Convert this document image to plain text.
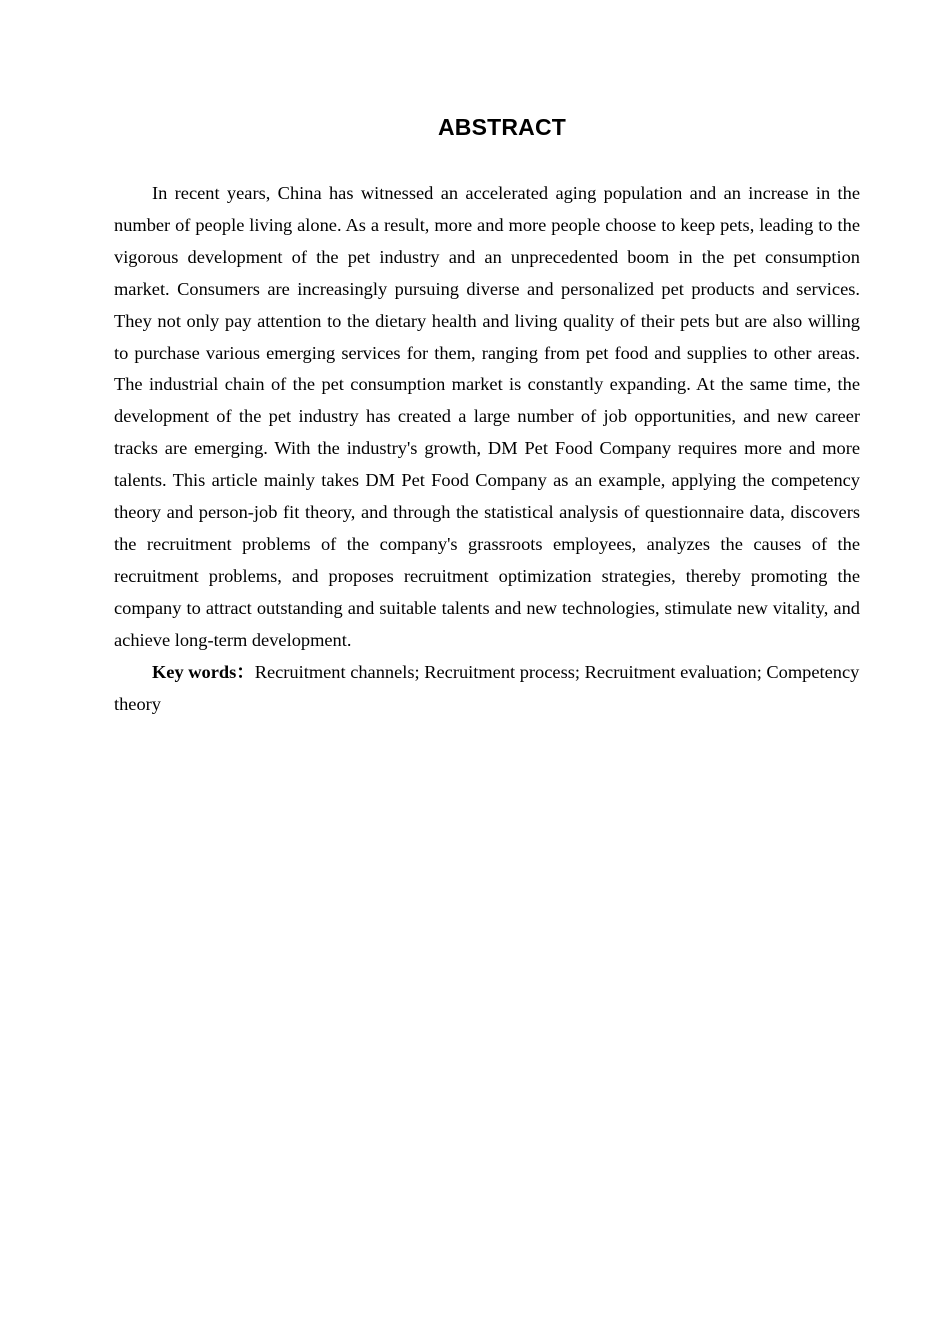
ABSTRACT

In recent years, China has witnessed an accelerated aging population and an increase in the number of people living alone. As a result, more and more people choose to keep pets, leading to the vigorous development of the pet industry and an unprecedented boom in the pet consumption market. Consumers are increasingly pursuing diverse and personalized pet products and services. They not only pay attention to the dietary health and living quality of their pets but are also willing to purchase various emerging services for them, ranging from pet food and supplies to other areas. The industrial chain of the pet consumption market is constantly expanding. At the same time, the development of the pet industry has created a large number of job opportunities, and new career tracks are emerging. With the industry's growth, DM Pet Food Company requires more and more talents. This article mainly takes DM Pet Food Company as an example, applying the competency theory and person-job fit theory, and through the statistical analysis of questionnaire data, discovers the recruitment problems of the company's grassroots employees, analyzes the causes of the recruitment problems, and proposes recruitment optimization strategies, thereby promoting the company to attract outstanding and suitable talents and new technologies, stimulate new vitality, and achieve long-term development.

Key words：Recruitment channels; Recruitment process; Recruitment evaluation; Competency theory
